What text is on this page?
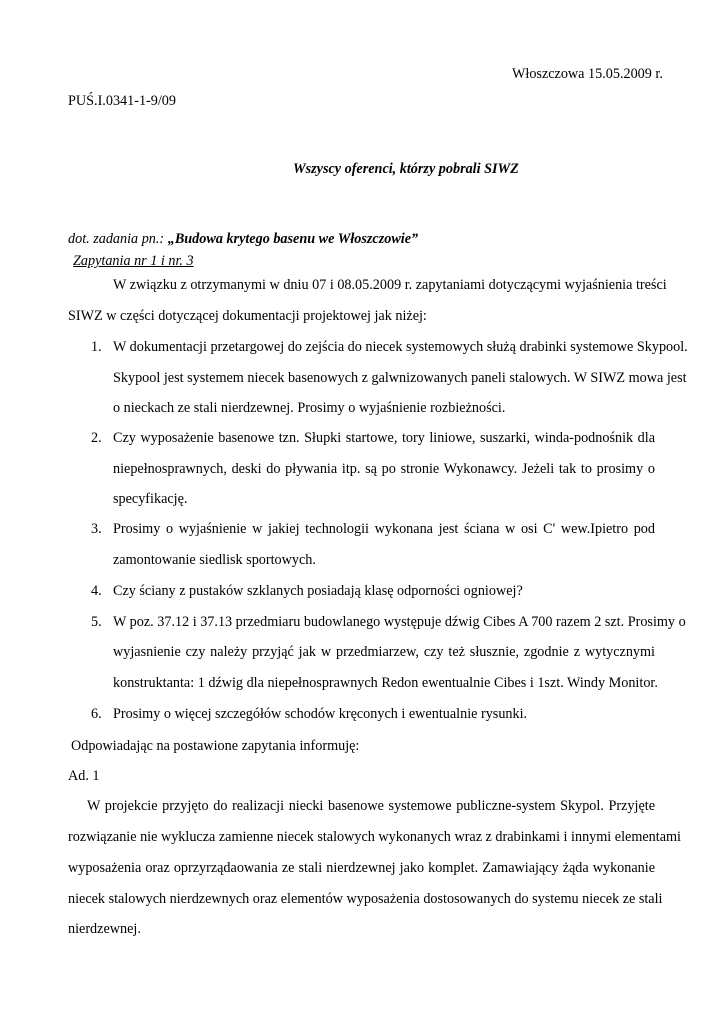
Włoszczowa 15.05.2009 r.
PUŚ.I.0341-1-9/09
Wszyscy oferenci, którzy pobrali SIWZ
dot. zadania pn.: „Budowa krytego basenu we Włoszczowie”
Zapytania nr 1 i nr. 3
W związku z otrzymanymi w dniu 07 i 08.05.2009 r. zapytaniami dotyczącymi wyjaśnienia treści
SIWZ w części dotyczącej dokumentacji projektowej jak niżej:
1. W dokumentacji przetargowej do zejścia do niecek systemowych służą drabinki systemowe Skypool.
Skypool jest systemem niecek basenowych z galwnizowanych paneli stalowych. W SIWZ mowa jest
o nieckach ze stali nierdzewnej. Prosimy o wyjaśnienie rozbieżności.
2. Czy wyposażenie basenowe tzn. Słupki startowe, tory liniowe, suszarki, winda-podnośnik dla
niepełnosprawnych, deski do pływania itp. są po stronie Wykonawcy. Jeżeli tak to prosimy o
specyfikację.
3. Prosimy o wyjaśnienie w jakiej technologii wykonana jest ściana w osi C' wew.Ipietro pod
zamontowanie siedlisk sportowych.
4. Czy ściany z pustaków szklanych posiadają klasę odporności ogniowej?
5. W poz. 37.12 i 37.13 przedmiaru budowlanego występuje dźwig Cibes A 700 razem 2 szt. Prosimy o
wyjasnienie czy należy przyjąć jak w przedmiarzew, czy też słusznie, zgodnie z wytycznymi
konstruktanta: 1 dźwig dla niepełnosprawnych Redon ewentualnie Cibes i 1szt. Windy Monitor.
6. Prosimy o więcej szczegółów schodów kręconych i ewentualnie rysunki.
Odpowiadając na postawione zapytania informuję:
Ad. 1
W projekcie przyjęto do realizacji niecki basenowe systemowe publiczne-system Skypol. Przyjęte
rozwiązanie nie wyklucza zamienne niecek stalowych wykonanych wraz z drabinkami i innymi elementami
wyposażenia oraz oprzyrządaowania ze stali nierdzewnej jako komplet. Zamawiający żąda wykonanie
niecek stalowych nierdzewnych oraz elementów wyposażenia dostosowanych do systemu niecek ze stali
nierdzewnej.
